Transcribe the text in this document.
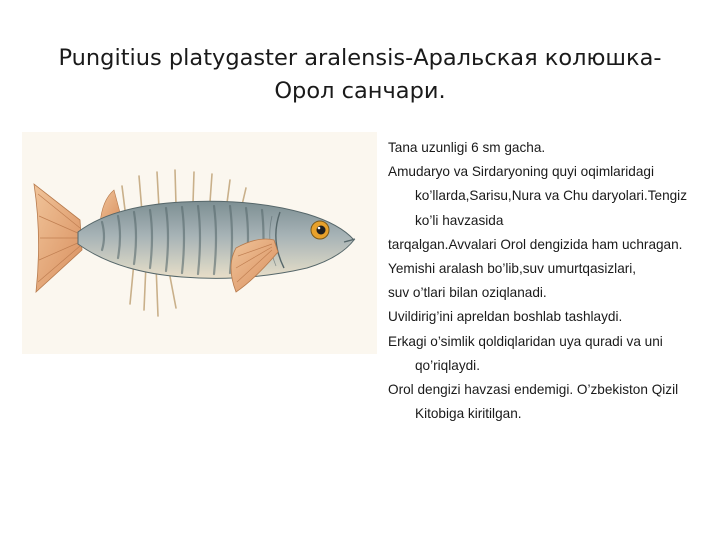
Pungitius platygaster aralensis-Аральская колюшка-
Орол санчари.
Tana uzunligi 6 sm gacha.
Amudaryo va Sirdaryoning quyi oqimlaridagi ko’llarda,Sarisu,Nura va Chu daryolari.Tengiz ko’li havzasida
tarqalgan.Avvalari Orol dengizida ham uchragan.
Yemishi aralash bo’lib,suv umurtqasizlari,
suv o’tlari bilan oziqlanadi.
Uvildirig’ini apreldan boshlab tashlaydi.
Erkagi o’simlik qoldiqlaridan uya quradi va uni qo’riqlaydi.
Orol dengizi havzasi endemigi. O’zbekiston Qizil Kitobiga kiritilgan.
